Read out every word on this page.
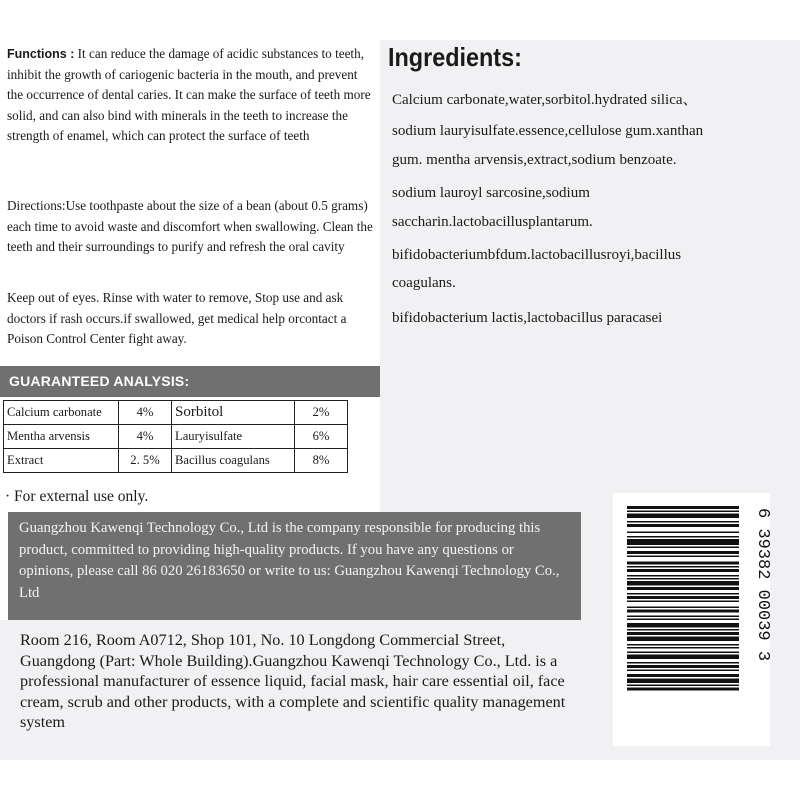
Functions : It can reduce the damage of acidic substances to teeth, inhibit the growth of cariogenic bacteria in the mouth, and prevent the occurrence of dental caries. It can make the surface of teeth more solid, and can also bind with minerals in the teeth to increase the strength of enamel, which can protect the surface of teeth
Directions:Use toothpaste about the size of a bean (about 0.5 grams) each time to avoid waste and discomfort when swallowing. Clean the teeth and their surroundings to purify and refresh the oral cavity
Keep out of eyes. Rinse with water to remove, Stop use and ask doctors if rash occurs.if swallowed, get medical help orcontact a Poison Control Center fight away.
GUARANTEED ANALYSIS:
Calcium carbonate	4%	Sorbitol	2%
Mentha arvensis	4%	Lauryisulfate	6%
Extract	2. 5%	Bacillus coagulans	8%
· For external use only.
Guangzhou Kawenqi Technology Co., Ltd is the company responsible for producing this product, committed to providing high-quality products. If you have any questions or opinions, please call 86 020 26183650 or write to us: Guangzhou Kawenqi Technology Co., Ltd
Room 216, Room A0712, Shop 101, No. 10 Longdong Commercial Street, Guangdong (Part: Whole Building).Guangzhou Kawenqi Technology Co., Ltd. is a professional manufacturer of essence liquid, facial mask, hair care essential oil, face cream, scrub and other products, with a complete and scientific quality management system
Ingredients:
Calcium carbonate,water,sorbitol.hydrated silica、
sodium lauryisulfate.essence,cellulose gum.xanthan
gum. mentha arvensis,extract,sodium benzoate.
sodium lauroyl sarcosine,sodium
saccharin.lactobacillusplantarum.
bifidobacteriumbfdum.lactobacillusroyi,bacillus
coagulans.
bifidobacterium lactis,lactobacillus paracasei
6 39382 00039 3
